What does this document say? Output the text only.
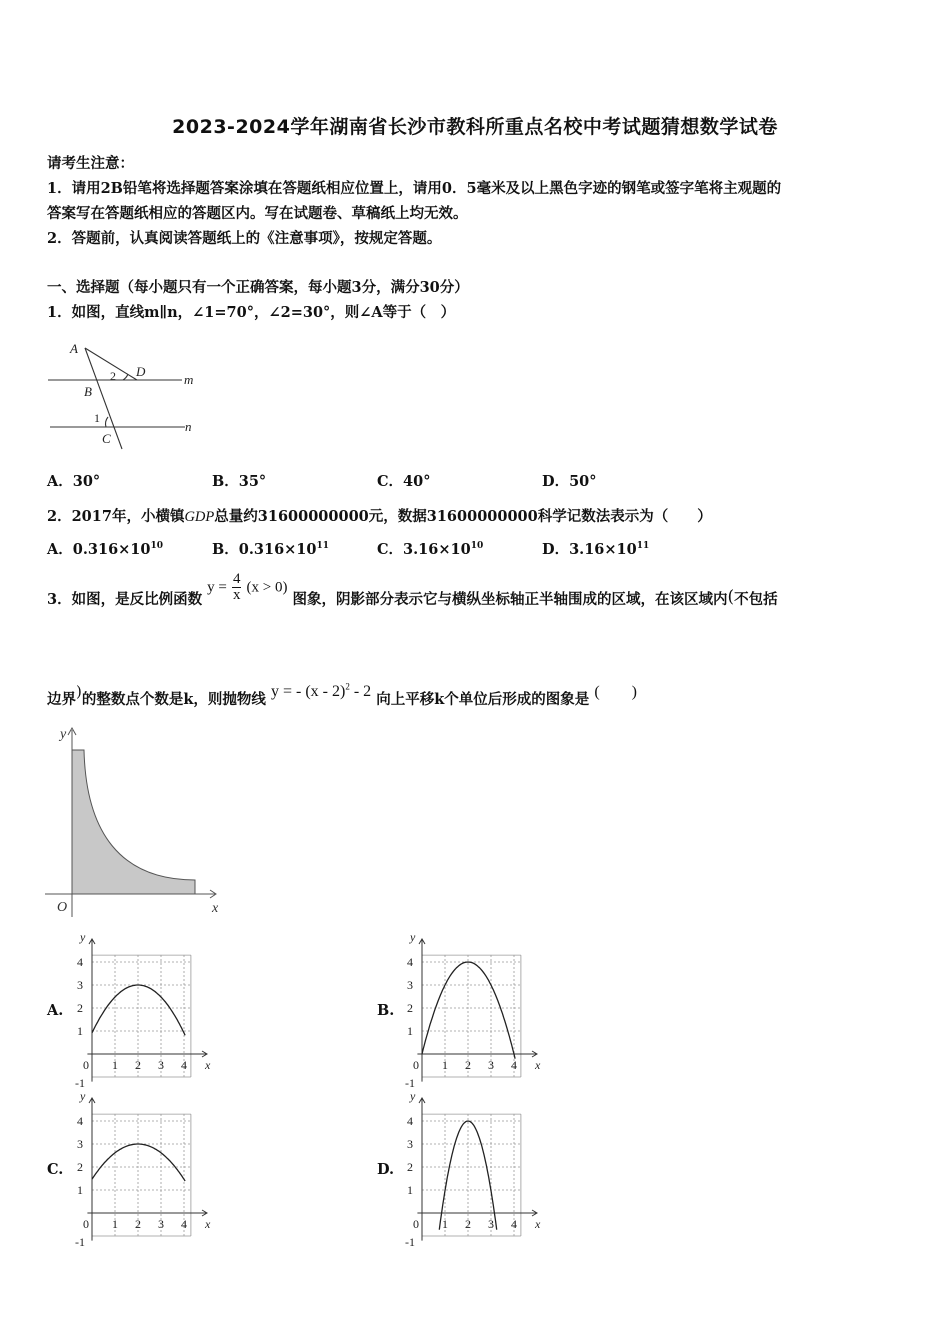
2023-2024学年湖南省长沙市教科所重点名校中考试题猜想数学试卷
请考生注意：
1．请用2B铅笔将选择题答案涂填在答题纸相应位置上，请用0．5毫米及以上黑色字迹的钢笔或签字笔将主观题的
答案写在答题纸相应的答题区内。写在试题卷、草稿纸上均无效。
2．答题前，认真阅读答题纸上的《注意事项》，按规定答题。
一、选择题（每小题只有一个正确答案，每小题3分，满分30分）
1．如图，直线m∥n，∠1=70°，∠2=30°，则∠A等于（　）
A
D
m
B
n
C
2
1
A．30°	B．35°	C．40°	D．50°
2．2017年，小横镇GDP总量约31600000000元，数据31600000000科学记数法表示为（　　）
A．$0.316\times 10^{10}$	B．$0.316\times 10^{11}$	C．$3.16\times 10^{10}$	D．$3.16\times 10^{11}$
3．如图，是反比例函数 $y = \frac{4}{x} (x > 0)$ 图象，阴影部分表示它与横纵坐标轴正半轴围成的区域，在该区域内(不包括
边界)的整数点个数是k，则抛物线 y = - (x - 2)$^2$ - 2 向上平移k个单位后形成的图象是 (　　)
y
x
O
A.	B.
C.	D.
4
3
2
1
0 1 2 3 4
-1
x
y
4
3
2
1
0 1 2 3 4
-1
x
y
4
3
2
1
0 1 2 3 4
-1
x
y
4
3
2
1
0 1 2 3 4
-1
x
y
